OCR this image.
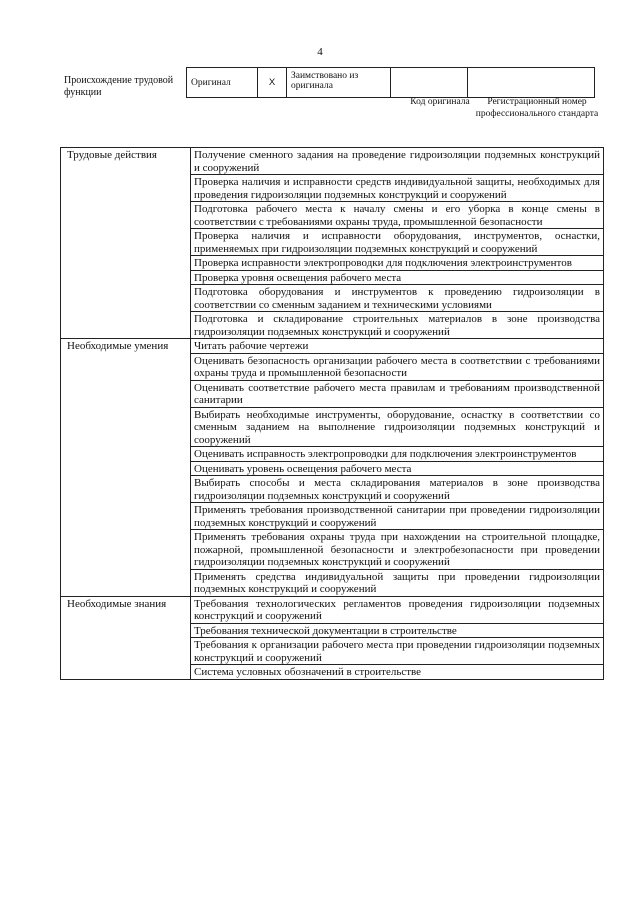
4
Происхождение трудовой функции
Оригинал	X	Заимствовано из оригинала		
Код оригинала	Регистрационный номер профессионального стандарта
Трудовые действия	Получение сменного задания на проведение гидроизоляции подземных конструкций и сооружений
	Проверка наличия и исправности средств индивидуальной защиты, необходимых для проведения гидроизоляции подземных конструкций и сооружений
	Подготовка рабочего места к началу смены и его уборка в конце смены в соответствии с требованиями охраны труда, промышленной безопасности
	Проверка наличия и исправности оборудования, инструментов, оснастки, применяемых при гидроизоляции подземных конструкций и сооружений
	Проверка исправности электропроводки для подключения электроинструментов
	Проверка уровня освещения рабочего места
	Подготовка оборудования и инструментов к проведению гидроизоляции в соответствии со сменным заданием и техническими условиями
	Подготовка и складирование строительных материалов в зоне производства гидроизоляции подземных конструкций и сооружений
Необходимые умения	Читать рабочие чертежи
	Оценивать безопасность организации рабочего места в соответствии с требованиями охраны труда и промышленной безопасности
	Оценивать соответствие рабочего места правилам и требованиям производственной санитарии
	Выбирать необходимые инструменты, оборудование, оснастку в соответствии со сменным заданием на выполнение гидроизоляции подземных конструкций и сооружений
	Оценивать исправность электропроводки для подключения электроинструментов
	Оценивать уровень освещения рабочего места
	Выбирать способы и места складирования материалов в зоне производства гидроизоляции подземных конструкций и сооружений
	Применять требования производственной санитарии при проведении гидроизоляции подземных конструкций и сооружений
	Применять требования охраны труда при нахождении на строительной площадке, пожарной, промышленной безопасности и электробезопасности при проведении гидроизоляции подземных конструкций и сооружений
	Применять средства индивидуальной защиты при проведении гидроизоляции подземных конструкций и сооружений
Необходимые знания	Требования технологических регламентов проведения гидроизоляции подземных конструкций и сооружений
	Требования технической документации в строительстве
	Требования к организации рабочего места при проведении гидроизоляции подземных конструкций и сооружений
	Система условных обозначений в строительстве
